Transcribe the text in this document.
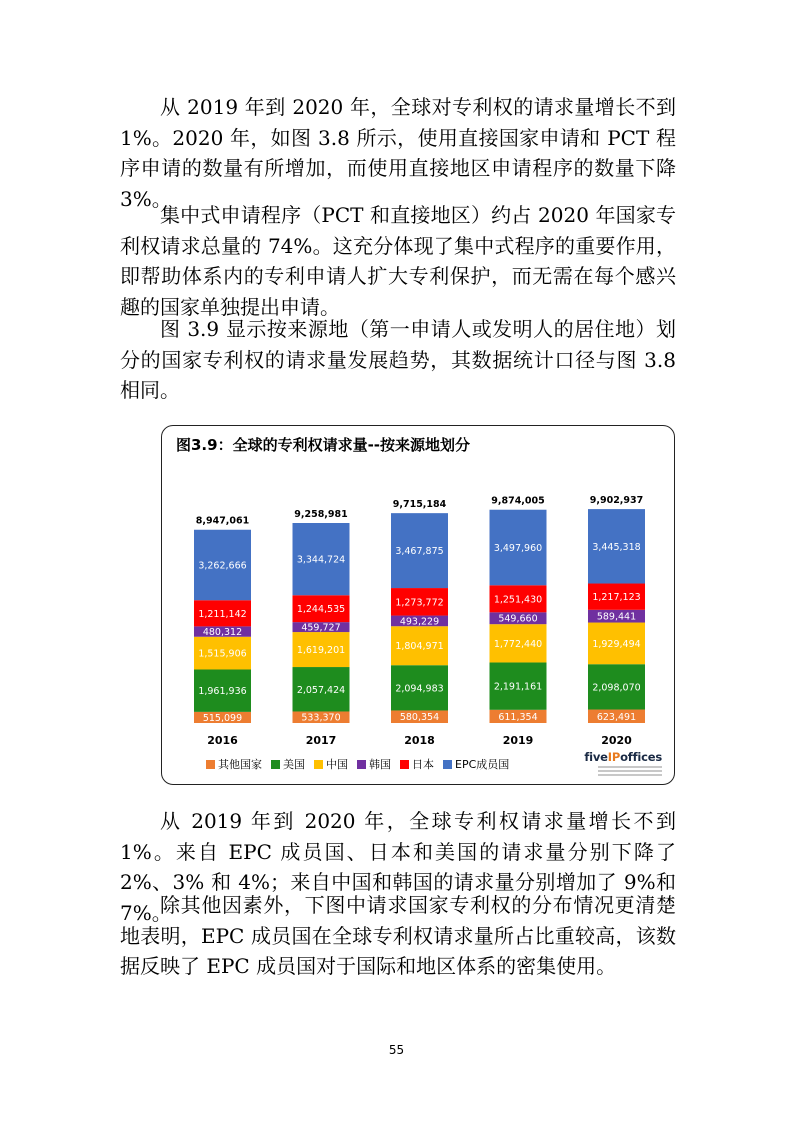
从 2019 年到 2020 年，全球对专利权的请求量增长不到 1%。2020 年，如图 3.8 所示，使用直接国家申请和 PCT 程序申请的数量有所增加，而使用直接地区申请程序的数量下降 3%。

集中式申请程序（PCT 和直接地区）约占 2020 年国家专利权请求总量的 74%。这充分体现了集中式程序的重要作用，即帮助体系内的专利申请人扩大专利保护，而无需在每个感兴趣的国家单独提出申请。

图 3.9 显示按来源地（第一申请人或发明人的居住地）划分的国家专利权的请求量发展趋势，其数据统计口径与图 3.8 相同。

图3.9：全球的专利权请求量--按来源地划分
515,099
1,961,936
1,515,906
480,312
1,211,142
3,262,666
8,947,061
2016
533,370
2,057,424
1,619,201
459,727
1,244,535
3,344,724
9,258,981
2017
580,354
2,094,983
1,804,971
493,229
1,273,772
3,467,875
9,715,184
2018
611,354
2,191,161
1,772,440
549,660
1,251,430
3,497,960
9,874,005
2019
623,491
2,098,070
1,929,494
589,441
1,217,123
3,445,318
9,902,937
2020
其他国家 美国 中国 韩国 日本 EPC成员国
fiveIPoffices

从 2019 年到 2020 年，全球专利权请求量增长不到 1%。来自 EPC 成员国、日本和美国的请求量分别下降了 2%、3% 和 4%；来自中国和韩国的请求量分别增加了 9%和 7%。

除其他因素外，下图中请求国家专利权的分布情况更清楚地表明，EPC 成员国在全球专利权请求量所占比重较高，该数据反映了 EPC 成员国对于国际和地区体系的密集使用。

55
